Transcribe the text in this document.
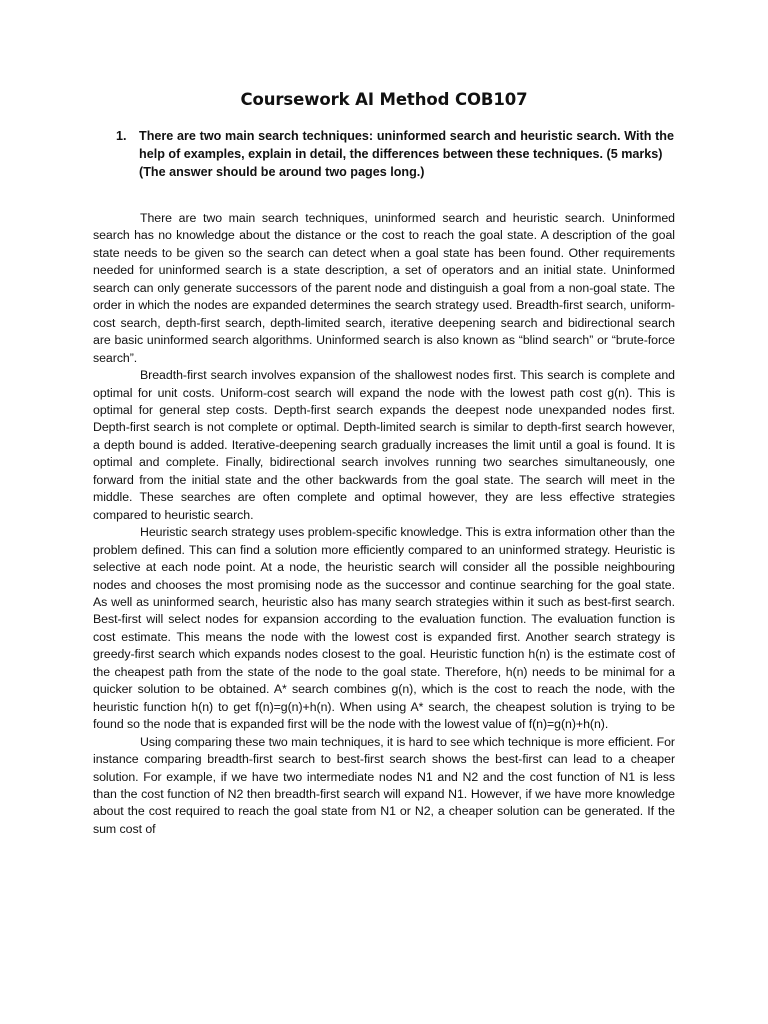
Coursework AI Method COB107
1. There are two main search techniques: uninformed search and heuristic search. With the help of examples, explain in detail, the differences between these techniques. (5 marks)
(The answer should be around two pages long.)

There are two main search techniques, uninformed search and heuristic search. Uninformed search has no knowledge about the distance or the cost to reach the goal state. A description of the goal state needs to be given so the search can detect when a goal state has been found. Other requirements needed for uninformed search is a state description, a set of operators and an initial state. Uninformed search can only generate successors of the parent node and distinguish a goal from a non-goal state. The order in which the nodes are expanded determines the search strategy used. Breadth-first search, uniform-cost search, depth-first search, depth-limited search, iterative deepening search and bidirectional search are basic uninformed search algorithms. Uninformed search is also known as “blind search” or “brute-force search”.

Breadth-first search involves expansion of the shallowest nodes first. This search is complete and optimal for unit costs. Uniform-cost search will expand the node with the lowest path cost g(n). This is optimal for general step costs. Depth-first search expands the deepest node unexpanded nodes first. Depth-first search is not complete or optimal. Depth-limited search is similar to depth-first search however, a depth bound is added. Iterative-deepening search gradually increases the limit until a goal is found. It is optimal and complete. Finally, bidirectional search involves running two searches simultaneously, one forward from the initial state and the other backwards from the goal state. The search will meet in the middle. These searches are often complete and optimal however, they are less effective strategies compared to heuristic search.

Heuristic search strategy uses problem-specific knowledge. This is extra information other than the problem defined. This can find a solution more efficiently compared to an uninformed strategy. Heuristic is selective at each node point. At a node, the heuristic search will consider all the possible neighbouring nodes and chooses the most promising node as the successor and continue searching for the goal state. As well as uninformed search, heuristic also has many search strategies within it such as best-first search. Best-first will select nodes for expansion according to the evaluation function. The evaluation function is cost estimate. This means the node with the lowest cost is expanded first. Another search strategy is greedy-first search which expands nodes closest to the goal. Heuristic function h(n) is the estimate cost of the cheapest path from the state of the node to the goal state. Therefore, h(n) needs to be minimal for a quicker solution to be obtained. A* search combines g(n), which is the cost to reach the node, with the heuristic function h(n) to get f(n)=g(n)+h(n). When using A* search, the cheapest solution is trying to be found so the node that is expanded first will be the node with the lowest value of f(n)=g(n)+h(n).

Using comparing these two main techniques, it is hard to see which technique is more efficient. For instance comparing breadth-first search to best-first search shows the best-first can lead to a cheaper solution. For example, if we have two intermediate nodes N1 and N2 and the cost function of N1 is less than the cost function of N2 then breadth-first search will expand N1. However, if we have more knowledge about the cost required to reach the goal state from N1 or N2, a cheaper solution can be generated. If the sum cost of
